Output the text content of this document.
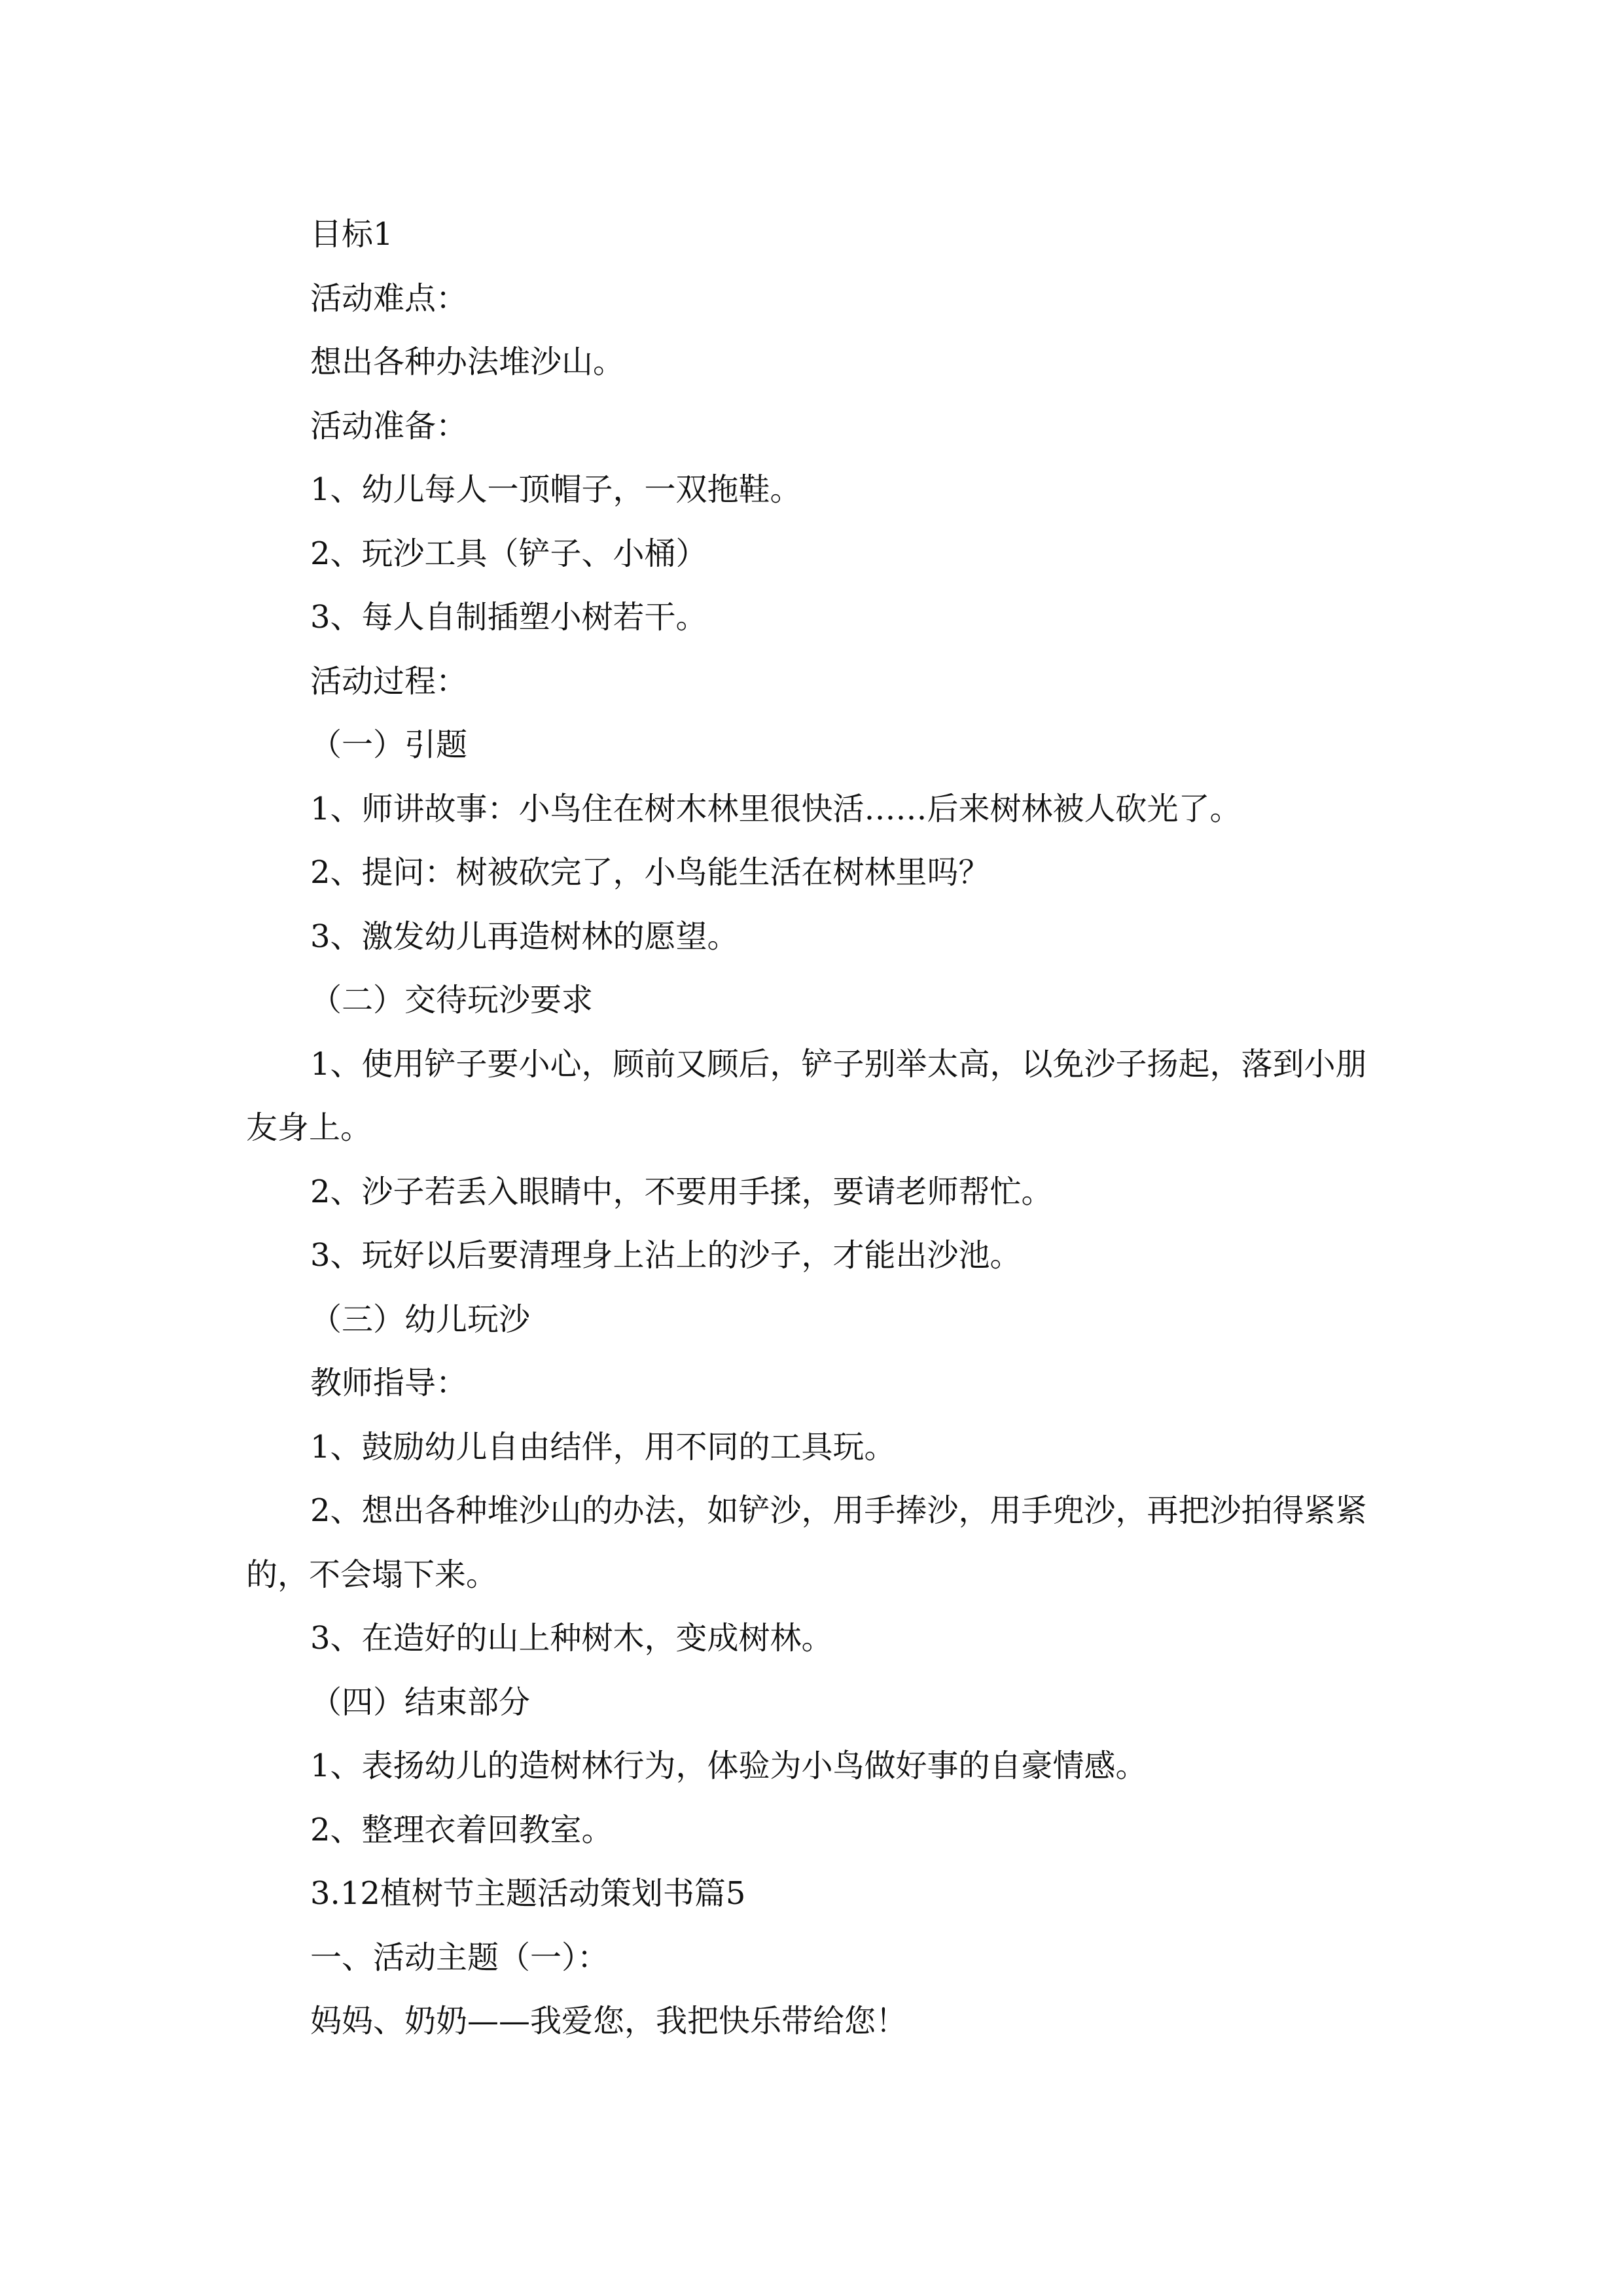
目标1

活动难点：

想出各种办法堆沙山。

活动准备：

1、幼儿每人一顶帽子，一双拖鞋。

2、玩沙工具（铲子、小桶）

3、每人自制插塑小树若干。

活动过程：

（一）引题

1、师讲故事：小鸟住在树木林里很快活……后来树林被人砍光了。

2、提问：树被砍完了，小鸟能生活在树林里吗？

3、激发幼儿再造树林的愿望。

（二）交待玩沙要求

1、使用铲子要小心，顾前又顾后，铲子别举太高，以免沙子扬起，落到小朋友身上。

2、沙子若丢入眼睛中，不要用手揉，要请老师帮忙。

3、玩好以后要清理身上沾上的沙子，才能出沙池。

（三）幼儿玩沙

教师指导：

1、鼓励幼儿自由结伴，用不同的工具玩。

2、想出各种堆沙山的办法，如铲沙，用手捧沙，用手兜沙，再把沙拍得紧紧的，不会塌下来。

3、在造好的山上种树木，变成树林。

（四）结束部分

1、表扬幼儿的造树林行为，体验为小鸟做好事的自豪情感。

2、整理衣着回教室。

3.12植树节主题活动策划书篇5

一、活动主题（一）：

妈妈、奶奶——我爱您，我把快乐带给您！
